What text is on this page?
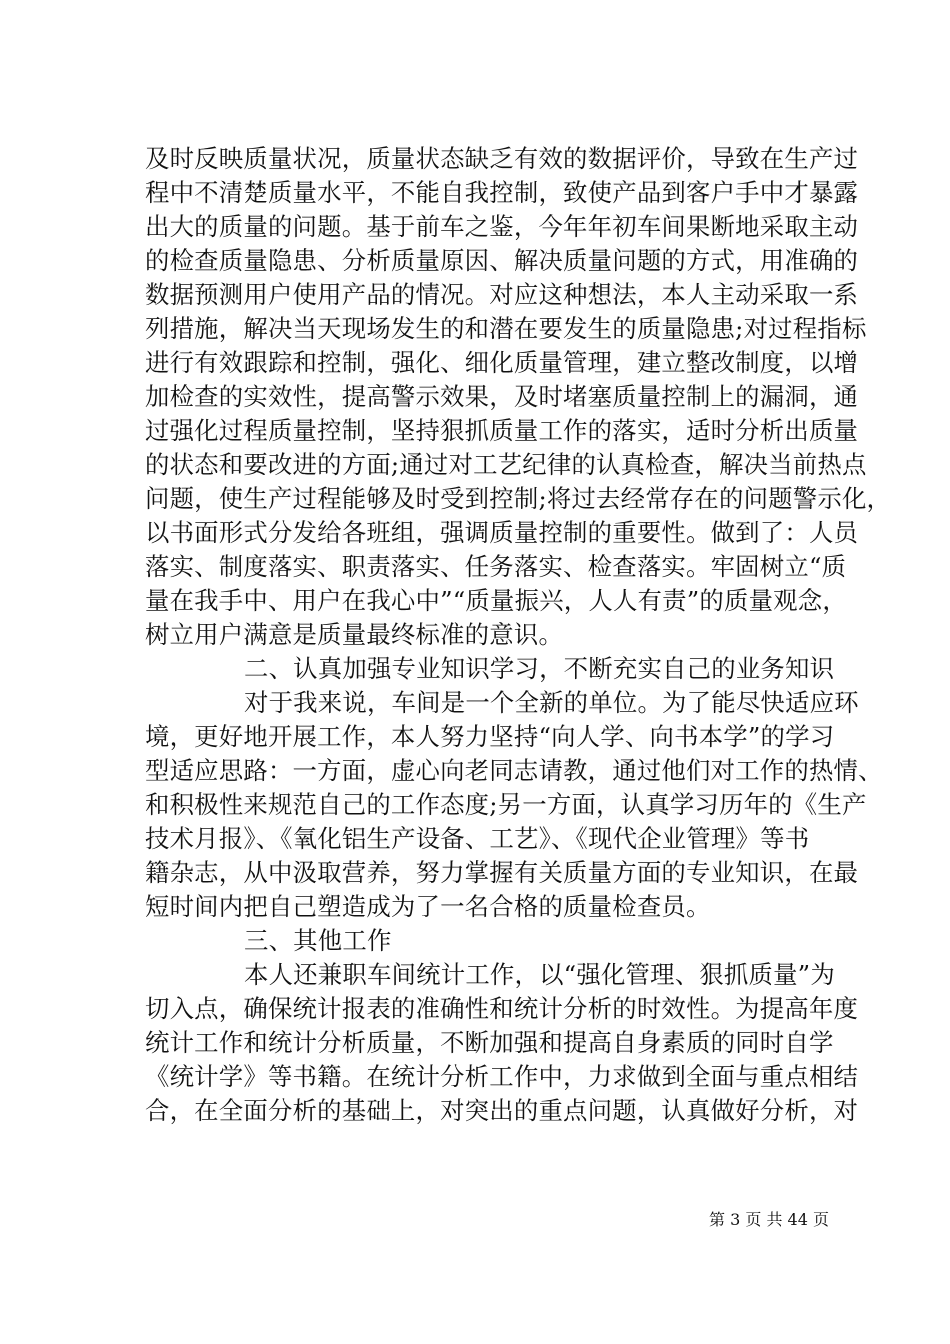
及时反映质量状况，质量状态缺乏有效的数据评价，导致在生产过
程中不清楚质量水平，不能自我控制，致使产品到客户手中才暴露
出大的质量的问题。基于前车之鉴，今年年初车间果断地采取主动
的检查质量隐患、分析质量原因、解决质量问题的方式，用准确的
数据预测用户使用产品的情况。对应这种想法，本人主动采取一系
列措施，解决当天现场发生的和潜在要发生的质量隐患;对过程指标
进行有效跟踪和控制，强化、细化质量管理，建立整改制度，以增
加检查的实效性，提高警示效果，及时堵塞质量控制上的漏洞，通
过强化过程质量控制，坚持狠抓质量工作的落实，适时分析出质量
的状态和要改进的方面;通过对工艺纪律的认真检查，解决当前热点
问题，使生产过程能够及时受到控制;将过去经常存在的问题警示化，
以书面形式分发给各班组，强调质量控制的重要性。做到了：人员
落实、制度落实、职责落实、任务落实、检查落实。牢固树立“质
量在我手中、用户在我心中”“质量振兴，人人有责”的质量观念，
树立用户满意是质量最终标准的意识。
二、认真加强专业知识学习，不断充实自己的业务知识
对于我来说，车间是一个全新的单位。为了能尽快适应环
境，更好地开展工作，本人努力坚持“向人学、向书本学”的学习
型适应思路：一方面，虚心向老同志请教，通过他们对工作的热情、
和积极性来规范自己的工作态度;另一方面，认真学习历年的《生产
技术月报》、《氧化铝生产设备、工艺》、《现代企业管理》等书
籍杂志，从中汲取营养，努力掌握有关质量方面的专业知识，在最
短时间内把自己塑造成为了一名合格的质量检查员。
三、其他工作
本人还兼职车间统计工作，以“强化管理、狠抓质量”为
切入点，确保统计报表的准确性和统计分析的时效性。为提高年度
统计工作和统计分析质量，不断加强和提高自身素质的同时自学
《统计学》等书籍。在统计分析工作中，力求做到全面与重点相结
合，在全面分析的基础上，对突出的重点问题，认真做好分析，对
第 3 页 共 44 页
